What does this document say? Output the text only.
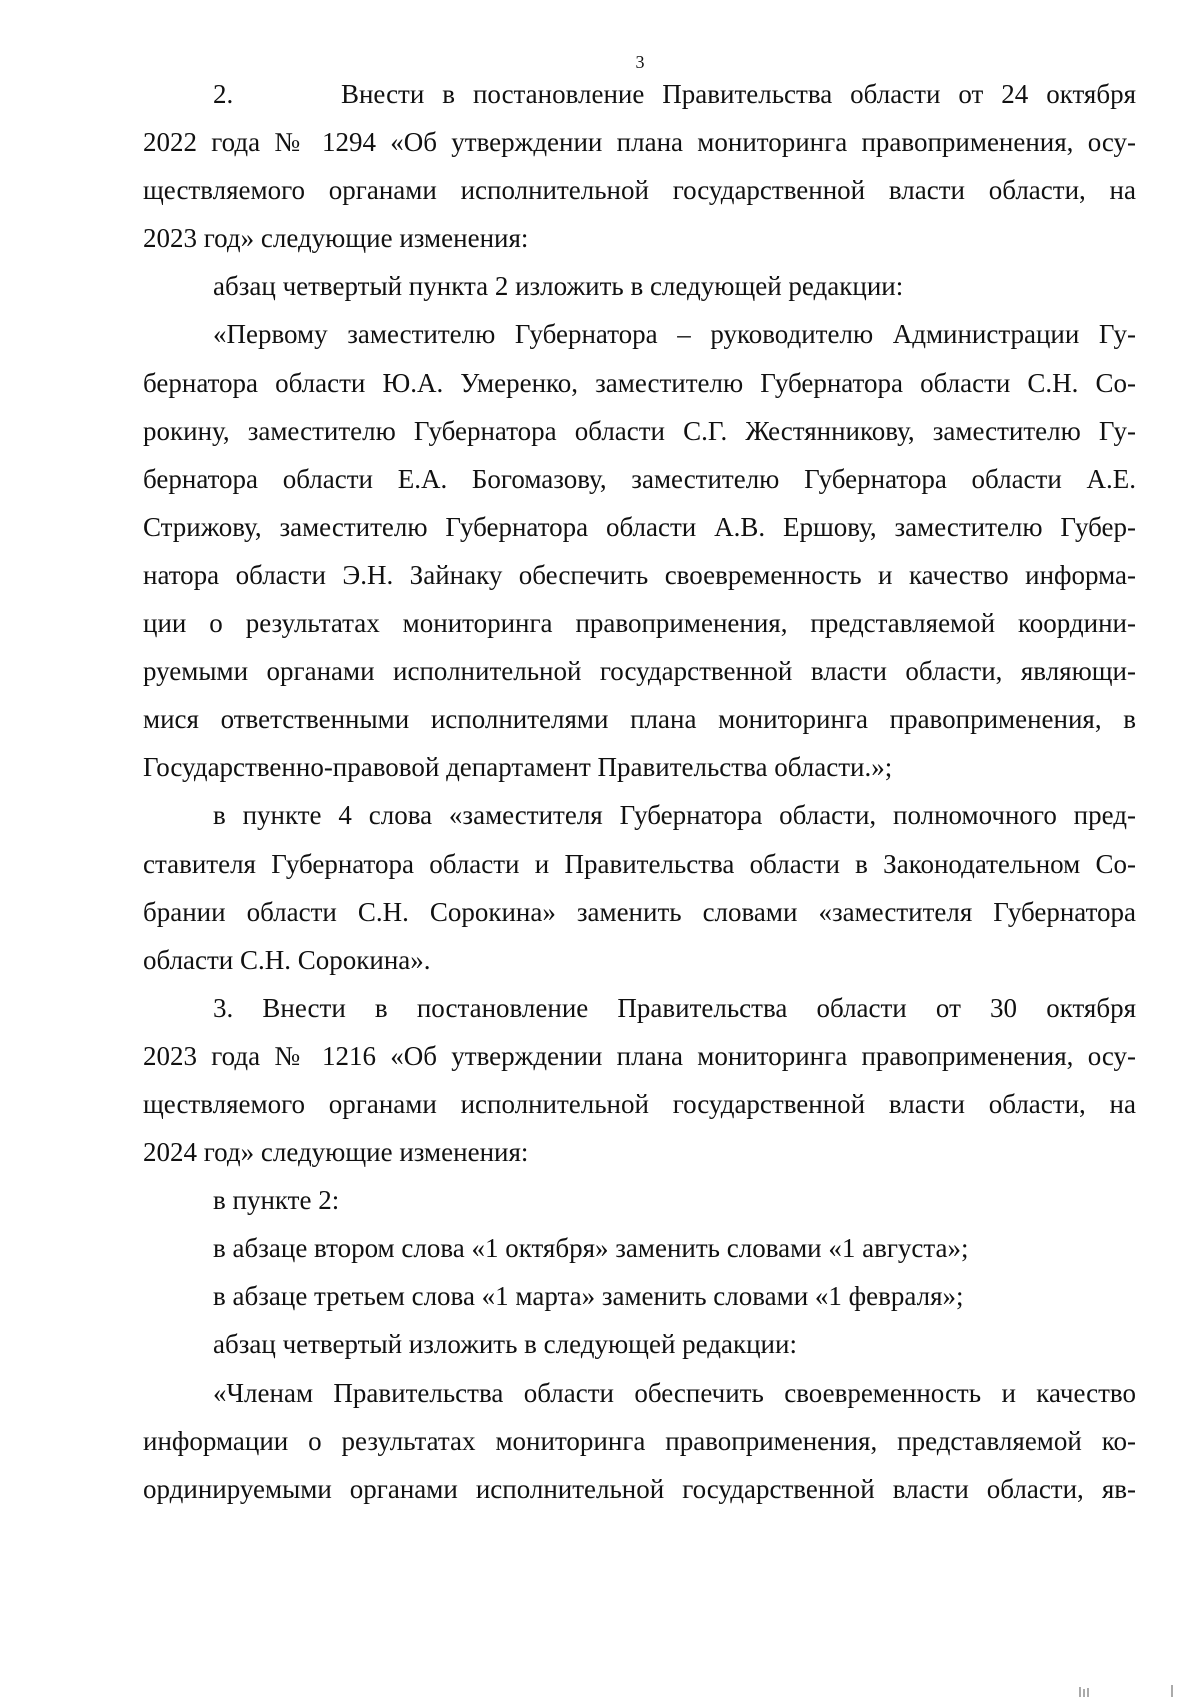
3
2.      Внести в постановление Правительства области от 24 октября
2022 года № 1294 «Об утверждении плана мониторинга правоприменения, осу-
ществляемого органами исполнительной государственной власти области, на
2023 год» следующие изменения:
абзац четвертый пункта 2 изложить в следующей редакции:
«Первому заместителю Губернатора – руководителю Администрации Гу-
бернатора области Ю.А. Умеренко, заместителю Губернатора области С.Н. Со-
рокину, заместителю Губернатора области С.Г. Жестянникову, заместителю Гу-
бернатора области Е.А. Богомазову, заместителю Губернатора области А.Е.
Стрижову, заместителю Губернатора области А.В. Ершову, заместителю Губер-
натора области Э.Н. Зайнаку обеспечить своевременность и качество информа-
ции о результатах мониторинга правоприменения, представляемой координи-
руемыми органами исполнительной государственной власти области, являющи-
мися ответственными исполнителями плана мониторинга правоприменения, в
Государственно-правовой департамент Правительства области.»;
в пункте 4 слова «заместителя Губернатора области, полномочного пред-
ставителя Губернатора области и Правительства области в Законодательном Со-
брании области С.Н. Сорокина» заменить словами «заместителя Губернатора
области С.Н. Сорокина».
3. Внести в постановление Правительства области от 30 октября
2023 года № 1216 «Об утверждении плана мониторинга правоприменения, осу-
ществляемого органами исполнительной государственной власти области, на
2024 год» следующие изменения:
в пункте 2:
в абзаце втором слова «1 октября» заменить словами «1 августа»;
в абзаце третьем слова «1 марта» заменить словами «1 февраля»;
абзац четвертый изложить в следующей редакции:
«Членам Правительства области обеспечить своевременность и качество
информации о результатах мониторинга правоприменения, представляемой ко-
ординируемыми органами исполнительной государственной власти области, яв-
